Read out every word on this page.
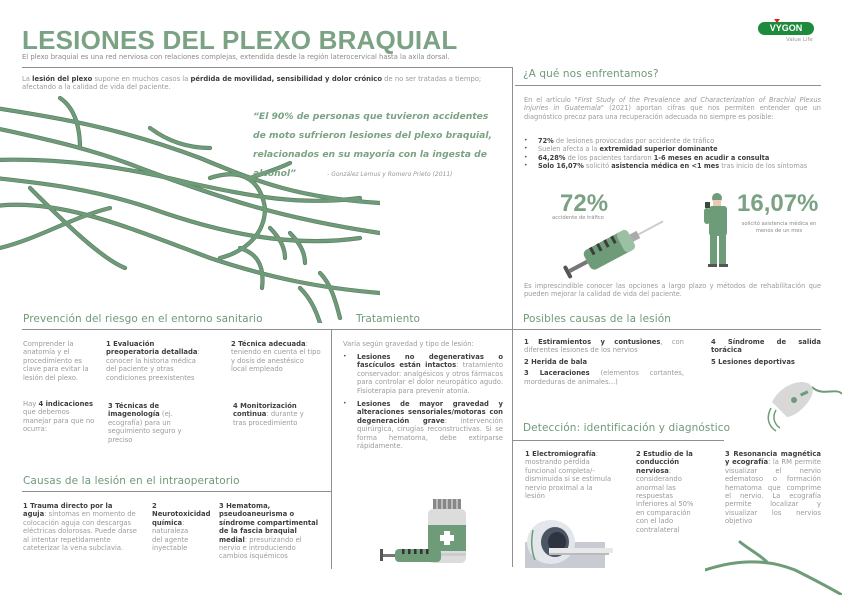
LESIONES DEL PLEXO BRAQUIAL
El plexo braquial es una red nerviosa con relaciones complejas, extendida desde la región laterocervical hasta la axila dorsal.
VYGON
Value Life
La lesión del plexo supone en muchos casos la pérdida de movilidad, sensibilidad y dolor crónico de no ser tratadas a tiempo; afectando a la calidad de vida del paciente.
“El 90% de personas que tuvieron accidentes de moto sufrieron lesiones del plexo braquial, relacionados en su mayoría con la ingesta de alcohol”	- González Lemus y Romero Prieto (2011)
¿A qué nos enfrentamos?
En el artículo "First Study of the Prevalence and Characterization of Brachial Plexus Injuries in Guatemala" (2021) aportan cifras que nos permiten entender que un diagnóstico precoz para una recuperación adecuada no siempre es posible:
• 72% de lesiones provocadas por accidente de tráfico
• Suelen afecta a la extremidad superior dominante
• 64,28% de los pacientes tardaron 1-6 meses en acudir a consulta
• Solo 16,07% solicitó asistencia médica en <1 mes tras inicio de los síntomas
72%
accidente de tráfico
16,07%
solicitó asistencia médica en menos de un mes
Es imprescindible conocer las opciones a largo plazo y métodos de rehabilitación que pueden mejorar la calidad de vida del paciente.
Prevención del riesgo en el entorno sanitario
Comprender la anatomía y el procedimiento es clave para evitar la lesión del plexo.
Hay 4 indicaciones que debemos manejar para que no ocurra:
1 Evaluación preoperatoria detallada: conocer la historia médica del paciente y otras condiciones preexistentes
2 Técnica adecuada: teniendo en cuenta el tipo y dosis de anestésico local empleado
3 Técnicas de imagenología (ej. ecografía) para un seguimiento seguro y preciso
4 Monitorización continua: durante y tras procedimiento
Causas de la lesión en el intraoperatorio
1 Trauma directo por la aguja: síntomas en momento de colocación aguja con descargas eléctricas dolorosas. Puede darse al intentar repetidamente cateterizar la vena subclavia.
2 Neurotoxicidad química: naturaleza del agente inyectable
3 Hematoma, pseudoaneurisma o síndrome compartimental de la fascia braquial medial: presurizando el nervio e introduciendo cambios isquémicos
Tratamiento
Varía según gravedad y tipo de lesión:
• Lesiones no degenerativas o fascículos están intactos: tratamiento conservador: analgésicos y otros fármacos para controlar el dolor neuropático agudo. Fisioterapia para prevenir atonía.
• Lesiones de mayor gravedad y alteraciones sensoriales/motoras con degeneración grave: intervención quirúrgica, cirugías reconstructivas. Si se forma hematoma, debe extirparse rápidamente.
Posibles causas de la lesión
1 Estiramientos y contusiones, con diferentes lesiones de los nervios
2 Herida de bala
3 Laceraciones (elementos cortantes, mordeduras de animales...)
4 Síndrome de salida torácica
5 Lesiones deportivas
Detección: identificación y diagnóstico
1 Electromiografía: mostrando pérdida funcional completa/-disminuida si se estimula nervio proximal a la lesión
2 Estudio de la conducción nerviosa: considerando anormal las respuestas inferiores al 50% en comparación con el lado contralateral
3 Resonancia magnética y ecografía: la RM permite visualizar el nervio edematoso o formación hematoma que comprime el nervio. La ecografía permite localizar y visualizar los nervios objetivo
